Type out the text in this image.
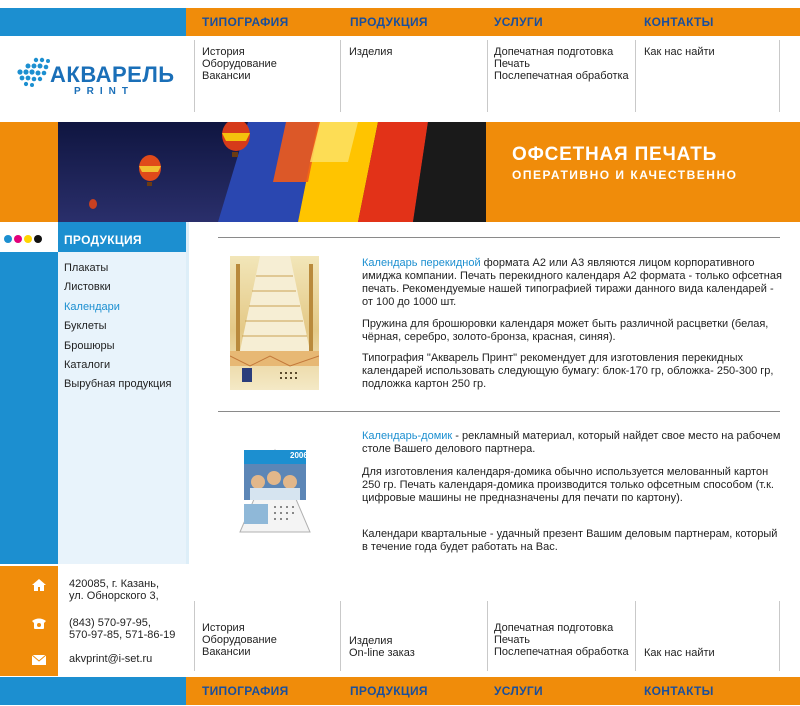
ТИПОГРАФИЯ	ПРОДУКЦИЯ	УСЛУГИ	КОНТАКТЫ
История
Оборудование
Вакансии
Изделия	Допечатная подготовка
Печать
Послепечатная обработка
Как нас найти
АКВАРЕЛЬ
PRINT
ОФСЕТНАЯ ПЕЧАТЬ
ОПЕРАТИВНО И КАЧЕСТВЕННО
ПРОДУКЦИЯ
Плакаты
Листовки
Календари
Буклеты
Брошюры
Каталоги
Вырубная продукция
Календарь перекидной формата А2 или А3 являются лицом корпоративного имиджа компании. Печать перекидного календаря А2 формата - только офсетная печать. Рекомендуемые нашей типографией тиражи данного вида календарей - от 100 до 1000 шт.
Пружина для брошюровки календаря может быть различной расцветки (белая, чёрная, серебро, золото-бронза, красная, синяя).
Типография "Акварель Принт" рекомендует для изготовления перекидных календарей использовать следующую бумагу: блок-170 гр, обложка- 250-300 гр, подложка картон 250 гр.
2006
Календарь-домик - рекламный материал, который найдет свое место на рабочем столе Вашего делового партнера.
Для изготовления календаря-домика обычно используется мелованный картон 250 гр. Печать календаря-домика производится только офсетным способом (т.к. цифровые машины не предназначены для печати по картону).
Календари квартальные - удачный презент Вашим деловым партнерам, который в течение года будет работать на Вас.
420085, г. Казань,
ул. Обнорского 3,
(843) 570-97-95,
570-97-85, 571-86-19
akvprint@i-set.ru
История
Оборудование
Вакансии
Изделия
On-line заказ
Допечатная подготовка
Печать
Послепечатная обработка Как нас найти
ТИПОГРАФИЯ	ПРОДУКЦИЯ	УСЛУГИ	КОНТАКТЫ
